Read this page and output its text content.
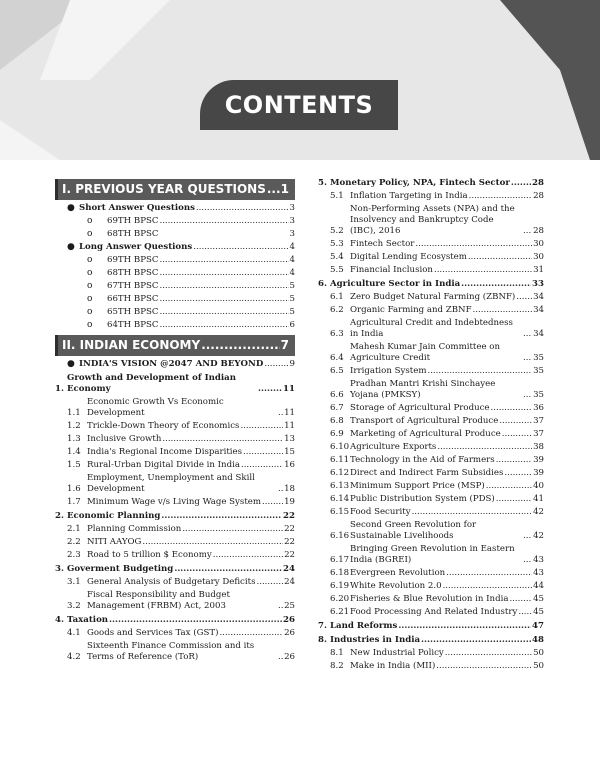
CONTENTS
I. PREVIOUS YEAR QUESTIONS ..... 1
● Short Answer Questions .....	3
o	69TH BPSC .....	3
o	68TH BPSC	3
● Long Answer Questions .....	4
o	69TH BPSC .....	4
o	68TH BPSC .....	4
o	67TH BPSC .....	5
o	66TH BPSC .....	5
o	65TH BPSC .....	5
o	64TH BPSC .....	6
II. INDIAN ECONOMY .....	7
● INDIA'S VISION @2047 AND BEYOND .....	9
1.
Growth and Development of Indian Economy .....	11
1.1
Economic Growth Vs Economic Development .....	11
1.2 Trickle-Down Theory of Economics .....	11
1.3 Inclusive Growth .....	13
1.4 India's Regional Income Disparities .....	15
1.5 Rural-Urban Digital Divide in India .....	16
1.6
Employment, Unemployment and Skill Development .....	18
1.7 Minimum Wage v/s Living Wage System .....	19
2. Economic Planning .....	22
2.1 Planning Commission .....	22
2.2 NITI AAYOG .....	22
2.3 Road to 5 trillion $ Economy .....	22
3. Goverment Budgeting .....	24
3.1 General Analysis of Budgetary Deficits .....	24
3.2
Fiscal Responsibility and Budget Management (FRBM) Act, 2003 .....	25
4. Taxation .....	26
4.1 Goods and Services Tax (GST) .....	26
4.2
Sixteenth Finance Commission and its Terms of Reference (ToR) .....	26
5. Monetary Policy, NPA, Fintech Sector .....	28
5.1 Inflation Targeting in India .....	28
5.2
Non-Performing Assets (NPA) and the Insolvency and Bankruptcy Code (IBC), 2016 .....	28
5.3 Fintech Sector .....	30
5.4 Digital Lending Ecosystem .....	30
5.5 Financial Inclusion .....	31
6. Agriculture Sector in India .....	33
6.1 Zero Budget Natural Farming (ZBNF) ..... 34
6.2 Organic Farming and ZBNF .....	34
6.3
Agricultural Credit and Indebtedness in India .....	34
6.4
Mahesh Kumar Jain Committee on Agriculture Credit .....	35
6.5 Irrigation System .....	35
6.6
Pradhan Mantri Krishi Sinchayee Yojana (PMKSY) .....	35
6.7 Storage of Agricultural Produce .....	36
6.8 Transport of Agricultural Produce .....	37
6.9 Marketing of Agricultural Produce .....	37
6.10 Agriculture Exports .....	38
6.11 Technology in the Aid of Farmers .....	39
6.12 Direct and Indirect Farm Subsidies .....	39
6.13 Minimum Support Price (MSP) .....	40
6.14 Public Distribution System (PDS) .....	41
6.15 Food Security .....	42
6.16
Second Green Revolution for Sustainable Livelihoods .....	42
6.17
Bringing Green Revolution in Eastern India (BGREI) .....	43
6.18 Evergreen Revolution .....	43
6.19 White Revolution 2.0 .....	44
6.20 Fisheries & Blue Revolution in India .....	45
6.21 Food Processing And Related Industry ..... 45
7. Land Reforms .....	47
8. Industries in India .....	48
8.1 New Industrial Policy .....	50
8.2 Make in India (MII) .....	50
